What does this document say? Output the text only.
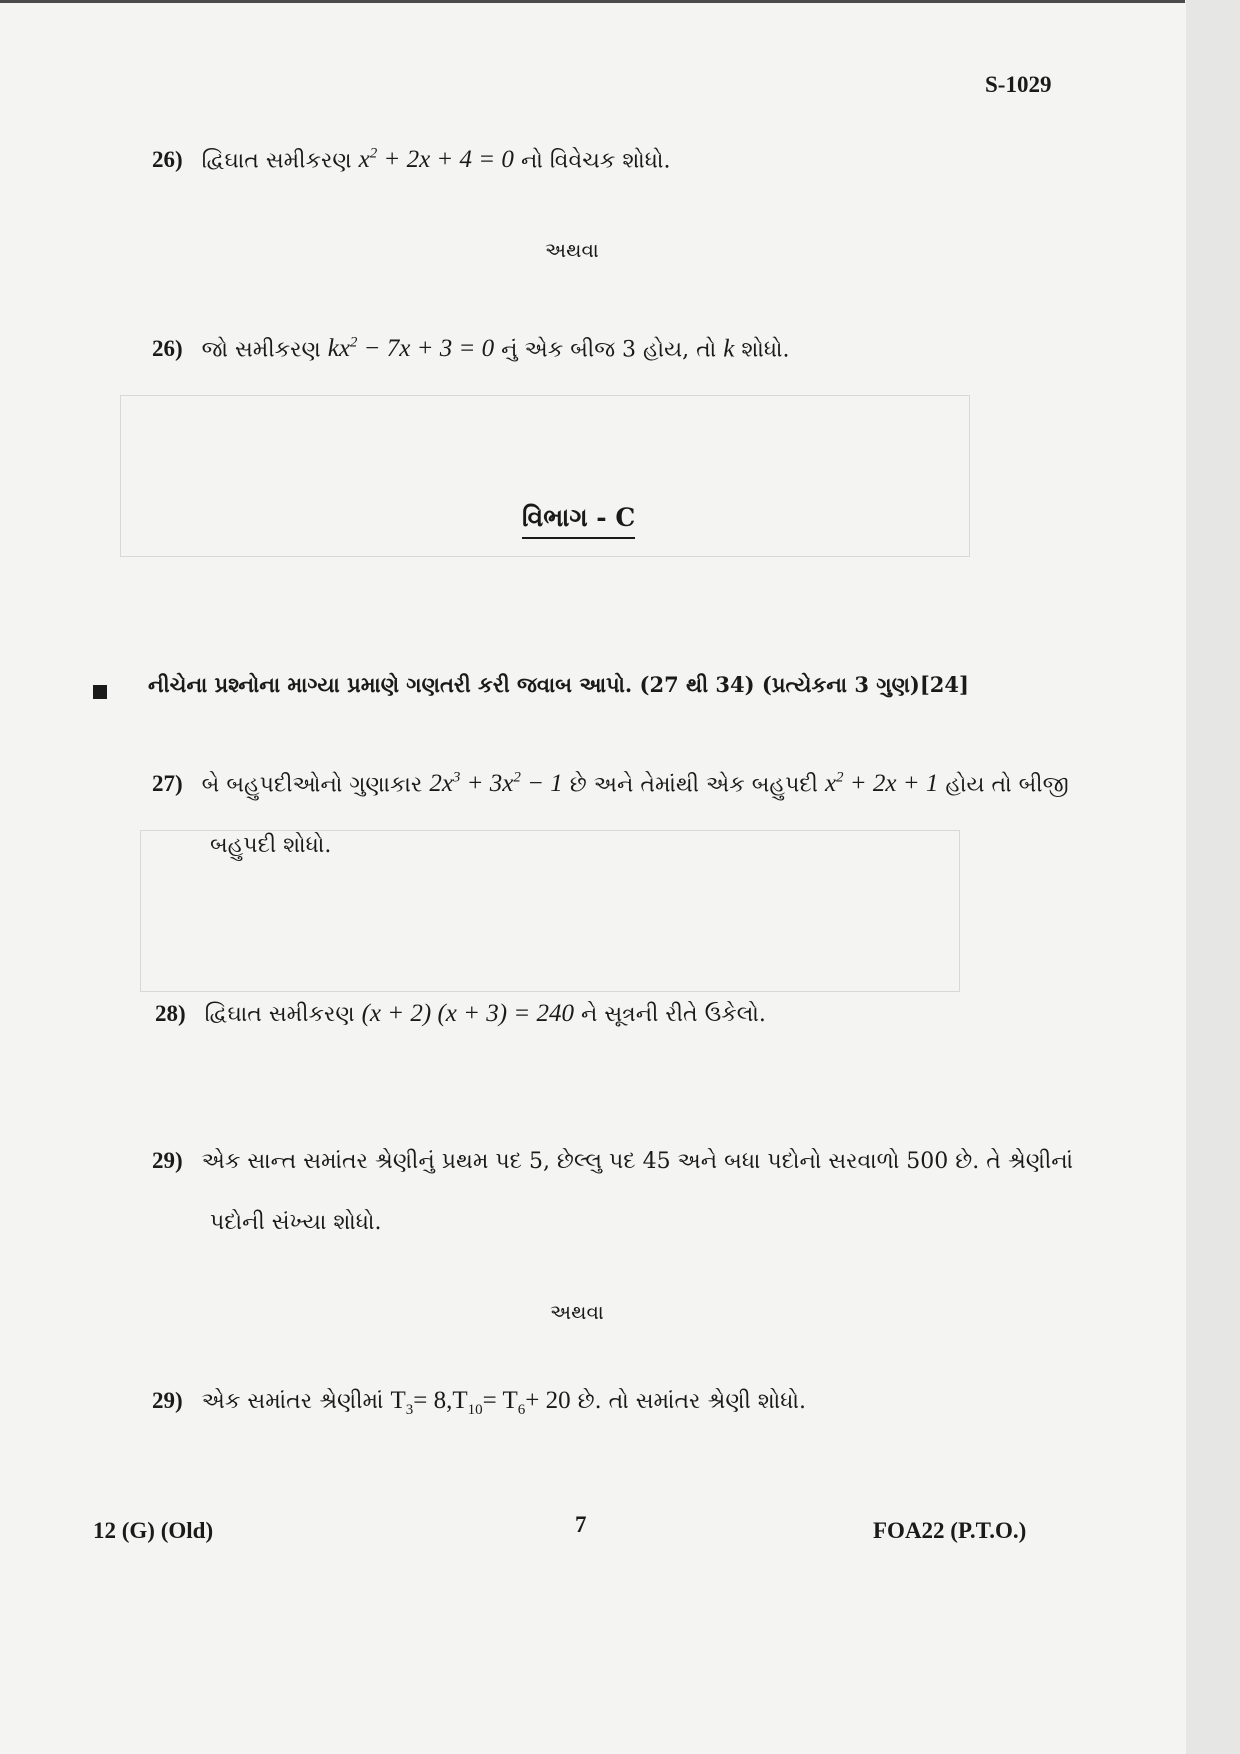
S-1029
26) દ્વિઘાત સમીકરણ $x^2 + 2x + 4 = 0$ નો વિવેચક શોધો.
અથવા
26) જો સમીકરણ $kx^2 - 7x + 3 = 0$ નું એક બીજ 3 હોય, તો k શોધો.
વિભાગ - C
નીચેના પ્રશ્નોના માગ્યા પ્રમાણે ગણતરી કરી જવાબ આપો. (27 થી 34) (પ્રત્યેકના 3 ગુણ)[24]
27) બે બહુપદીઓનો ગુણાકાર $2x^3 + 3x^2 - 1$ છે અને તેમાંથી એક બહુપદી $x^2 + 2x + 1$ હોય તો બીજી
બહુપદી શોધો.
28) દ્વિઘાત સમીકરણ (x + 2) (x + 3) = 240 ને સૂત્રની રીતે ઉકેલો.
29) એક સાન્ત સમાંતર શ્રેણીનું પ્રથમ પદ 5, છેલ્લુ પદ 45 અને બધા પદોનો સરવાળો 500 છે. તે શ્રેણીનાં
પદોની સંખ્યા શોધો.
અથવા
29) એક સમાંતર શ્રેણીમાં $T_3= 8,T_{10}= T_6+ 20$ છે. તો સમાંતર શ્રેણી શોધો.
12 (G) (Old)	7	FOA22 (P.T.O.)
